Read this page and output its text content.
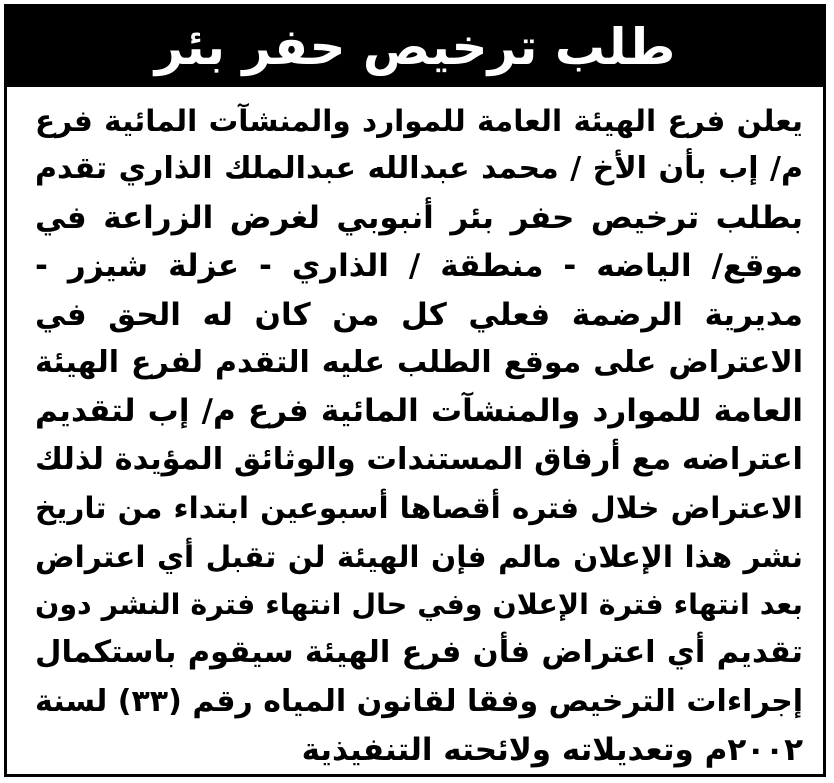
طلب ترخيص حفر بئر
يعلن فرع الهيئة العامة للموارد والمنشآت المائية فرع
م/ إب بأن الأخ / محمد عبدالله عبدالملك الذاري تقدم
بطلب ترخيص حفر بئر أنبوبي لغرض الزراعة في
موقع/ الياضه - منطقة / الذاري - عزلة شيزر -
مديرية الرضمة فعلي كل من كان له الحق في
الاعتراض على موقع الطلب عليه التقدم لفرع الهيئة
العامة للموارد والمنشآت المائية فرع م/ إب لتقديم
اعتراضه مع أرفاق المستندات والوثائق المؤيدة لذلك
الاعتراض خلال فتره أقصاها أسبوعين ابتداء من تاريخ
نشر هذا الإعلان مالم فإن الهيئة لن تقبل أي اعتراض
بعد انتهاء فترة الإعلان وفي حال انتهاء فترة النشر دون
تقديم أي اعتراض فأن فرع الهيئة سيقوم باستكمال
إجراءات الترخيص وفقا لقانون المياه رقم (٣٣) لسنة
٢٠٠٢م وتعديلاته ولائحته التنفيذية
